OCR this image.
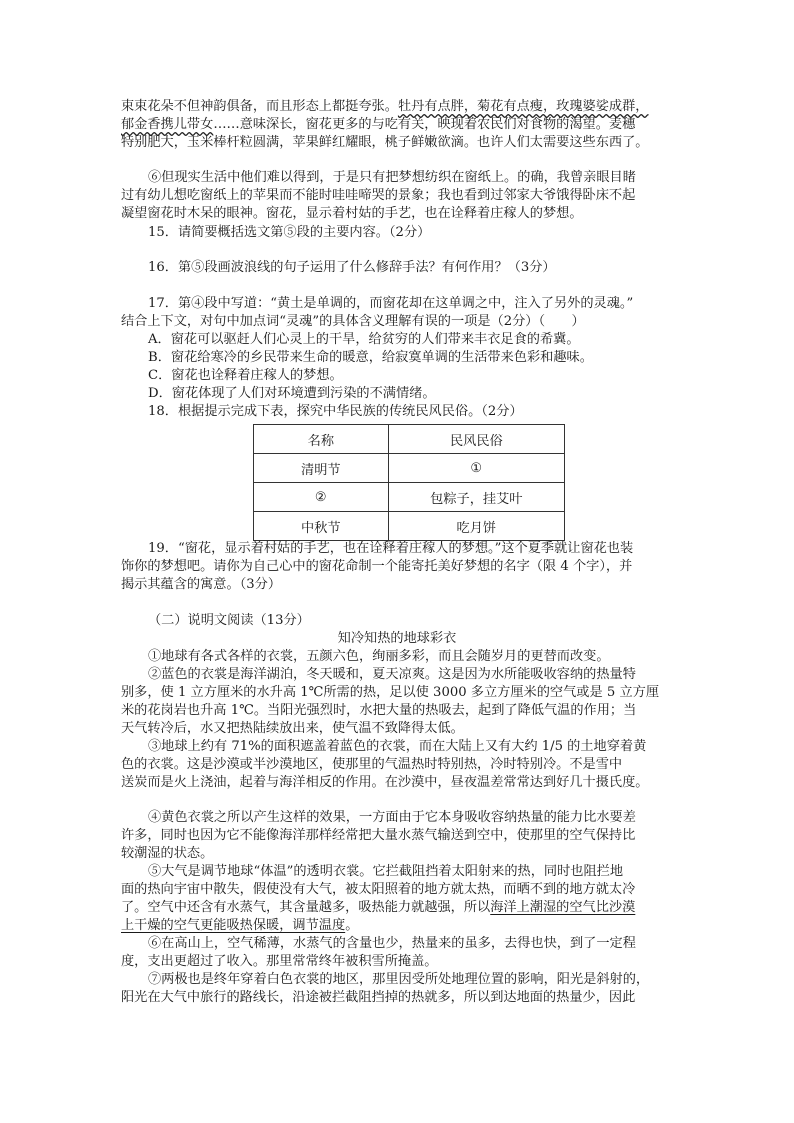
束束花朵不但神韵俱备，而且形态上都挺夸张。牡丹有点胖，菊花有点瘦，玫瑰婆娑成群，
郁金香携儿带女……意味深长，窗花更多的与吃有关，映现着农民们对食物的渴望。麦穗
特别肥大，玉米棒杆粒圆满，苹果鲜红耀眼，桃子鲜嫩欲滴。也许人们太需要这些东西了。
⑥但现实生活中他们难以得到，于是只有把梦想纺织在窗纸上。的确，我曾亲眼目睹
过有幼儿想吃窗纸上的苹果而不能时哇哇啼哭的景象；我也看到过邻家大爷饿得卧床不起
凝望窗花时木呆的眼神。窗花，显示着村姑的手艺，也在诠释着庄稼人的梦想。
15．请简要概括选文第⑤段的主要内容。（2分）
16．第⑤段画波浪线的句子运用了什么修辞手法？有何作用？（3分）
17．第④段中写道：“黄土是单调的，而窗花却在这单调之中，注入了另外的灵魂。”
结合上下文，对句中加点词“灵魂”的具体含义理解有误的一项是（2分）（　　）
A．窗花可以驱赶人们心灵上的干旱，给贫穷的人们带来丰衣足食的希冀。
B．窗花给寒冷的乡民带来生命的暖意，给寂寞单调的生活带来色彩和趣味。
C．窗花也诠释着庄稼人的梦想。
D．窗花体现了人们对环境遭到污染的不满情绪。
18．根据提示完成下表，探究中华民族的传统民风民俗。（2分）
名称	民风民俗
清明节	①
②	包粽子，挂艾叶
中秋节	吃月饼
19．“窗花，显示着村姑的手艺，也在诠释着庄稼人的梦想。”这个夏季就让窗花也装
饰你的梦想吧。请你为自己心中的窗花命制一个能寄托美好梦想的名字（限 4 个字），并
揭示其蕴含的寓意。（3分）
（二）说明文阅读（13分）
知冷知热的地球彩衣
①地球有各式各样的衣裳，五颜六色，绚丽多彩，而且会随岁月的更替而改变。
②蓝色的衣裳是海洋湖泊，冬天暖和，夏天凉爽。这是因为水所能吸收容纳的热量特
别多，使 1 立方厘米的水升高 1℃所需的热，足以使 3000 多立方厘米的空气或是 5 立方厘
米的花岗岩也升高 1℃。当阳光强烈时，水把大量的热吸去，起到了降低气温的作用；当
天气转冷后，水又把热陆续放出来，使气温不致降得太低。
③地球上约有 71%的面积遮盖着蓝色的衣裳，而在大陆上又有大约 1/5 的土地穿着黄
色的衣裳。这是沙漠或半沙漠地区，使那里的气温热时特别热，冷时特别冷。不是雪中
送炭而是火上浇油，起着与海洋相反的作用。在沙漠中，昼夜温差常常达到好几十摄氏度。
④黄色衣裳之所以产生这样的效果，一方面由于它本身吸收容纳热量的能力比水要差
许多，同时也因为它不能像海洋那样经常把大量水蒸气输送到空中，使那里的空气保持比
较潮湿的状态。
⑤大气是调节地球“体温”的透明衣裳。它拦截阻挡着太阳射来的热，同时也阻拦地
面的热向宇宙中散失，假使没有大气，被太阳照着的地方就太热，而晒不到的地方就太冷
了。空气中还含有水蒸气，其含量越多，吸热能力就越强，所以海洋上潮湿的空气比沙漠
上干燥的空气更能吸热保暖，调节温度。
⑥在高山上，空气稀薄，水蒸气的含量也少，热量来的虽多，去得也快，到了一定程
度，支出更超过了收入。那里常常终年被积雪所掩盖。
⑦两极也是终年穿着白色衣裳的地区，那里因受所处地理位置的影响，阳光是斜射的，
阳光在大气中旅行的路线长，沿途被拦截阻挡掉的热就多，所以到达地面的热量少，因此
